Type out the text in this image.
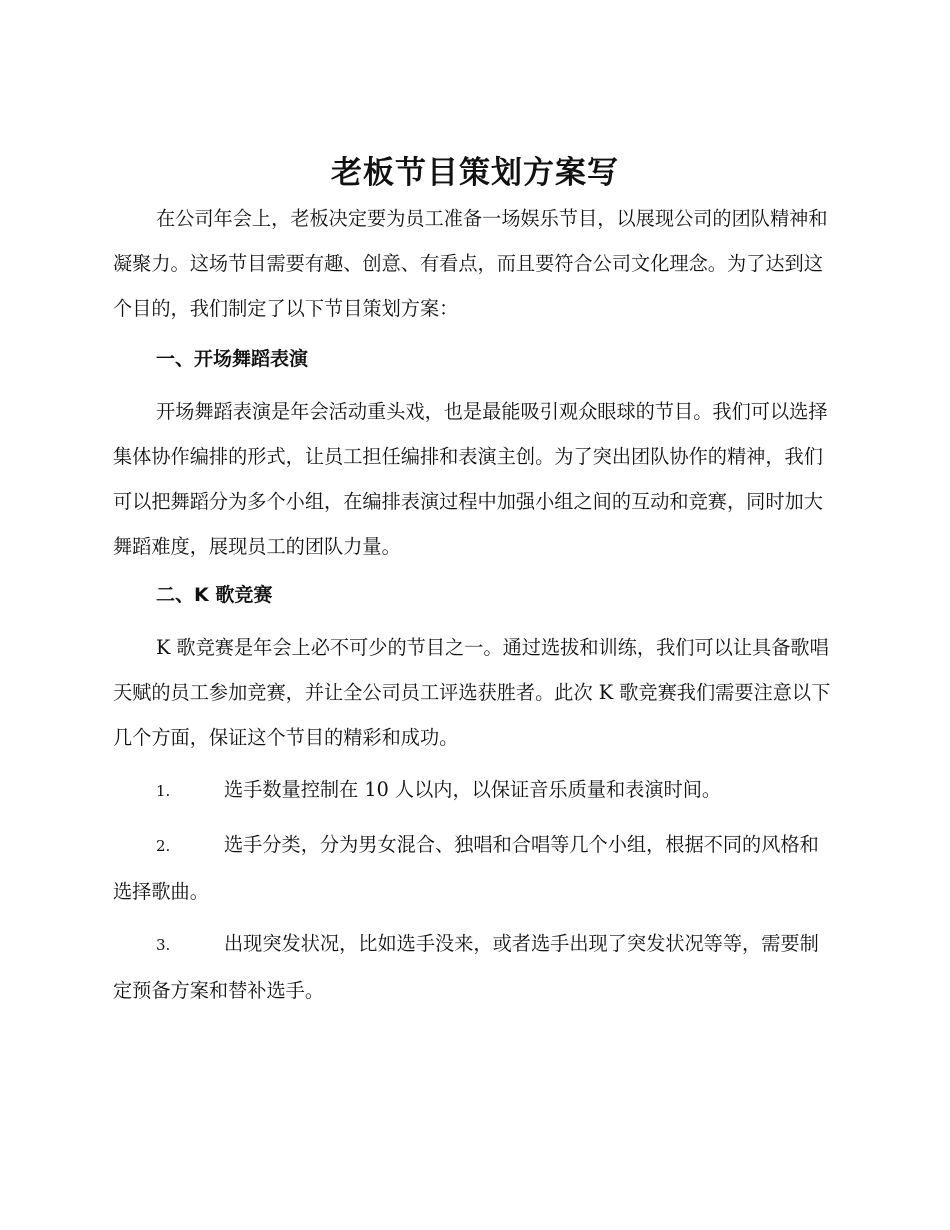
老板节目策划方案写

在公司年会上，老板决定要为员工准备一场娱乐节目，以展现公司的团队精神和凝聚力。这场节目需要有趣、创意、有看点，而且要符合公司文化理念。为了达到这个目的，我们制定了以下节目策划方案：

一、开场舞蹈表演

开场舞蹈表演是年会活动重头戏，也是最能吸引观众眼球的节目。我们可以选择集体协作编排的形式，让员工担任编排和表演主创。为了突出团队协作的精神，我们可以把舞蹈分为多个小组，在编排表演过程中加强小组之间的互动和竞赛，同时加大舞蹈难度，展现员工的团队力量。

二、K 歌竞赛

K 歌竞赛是年会上必不可少的节目之一。通过选拔和训练，我们可以让具备歌唱天赋的员工参加竞赛，并让全公司员工评选获胜者。此次 K 歌竞赛我们需要注意以下几个方面，保证这个节目的精彩和成功。

1.	选手数量控制在 10 人以内，以保证音乐质量和表演时间。
2.	选手分类，分为男女混合、独唱和合唱等几个小组，根据不同的风格和选择歌曲。
3.	出现突发状况，比如选手没来，或者选手出现了突发状况等等，需要制定预备方案和替补选手。
